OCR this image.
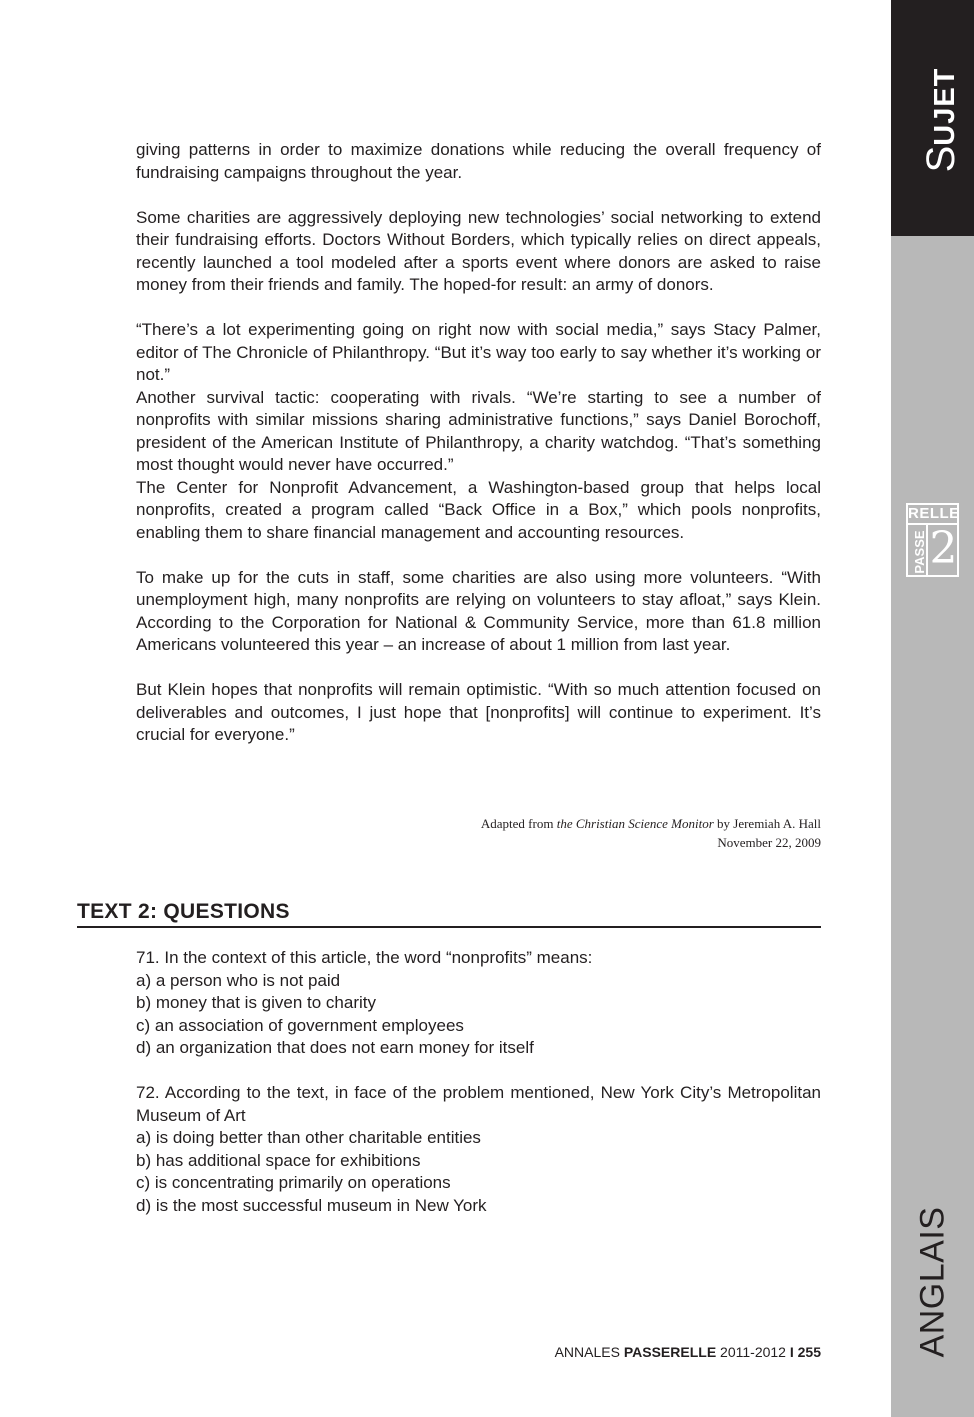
SUJET
RELLE
PASSE 2
ANGLAIS

giving patterns in order to maximize donations while reducing the overall frequency of fundraising campaigns throughout the year.

Some charities are aggressively deploying new technologies’ social networking to extend their fundraising efforts. Doctors Without Borders, which typically relies on direct appeals, recently launched a tool modeled after a sports event where donors are asked to raise money from their friends and family. The hoped-for result: an army of donors.

“There’s a lot experimenting going on right now with social media,” says Stacy Palmer, editor of The Chronicle of Philanthropy. “But it’s way too early to say whether it’s working or not.”

Another survival tactic: cooperating with rivals. “We’re starting to see a number of nonprofits with similar missions sharing administrative functions,” says Daniel Borochoff, president of the American Institute of Philanthropy, a charity watchdog. “That’s something most thought would never have occurred.”

The Center for Nonprofit Advancement, a Washington-based group that helps local nonprofits, created a program called “Back Office in a Box,” which pools nonprofits, enabling them to share financial management and accounting resources.

To make up for the cuts in staff, some charities are also using more volunteers. “With unemployment high, many nonprofits are relying on volunteers to stay afloat,” says Klein. According to the Corporation for National & Community Service, more than 61.8 million Americans volunteered this year – an increase of about 1 million from last year.

But Klein hopes that nonprofits will remain optimistic. “With so much attention focused on deliverables and outcomes, I just hope that [nonprofits] will continue to experiment. It’s crucial for everyone.”

Adapted from the Christian Science Monitor by Jeremiah A. Hall
November 22, 2009
TEXT 2: QUESTIONS
71. In the context of this article, the word “nonprofits” means:
a) a person who is not paid
b) money that is given to charity
c) an association of government employees
d) an organization that does not earn money for itself
72. According to the text, in face of the problem mentioned, New York City’s Metropolitan Museum of Art
a) is doing better than other charitable entities
b) has additional space for exhibitions
c) is concentrating primarily on operations
d) is the most successful museum in New York
ANNALES PASSERELLE 2011-2012 I 255
